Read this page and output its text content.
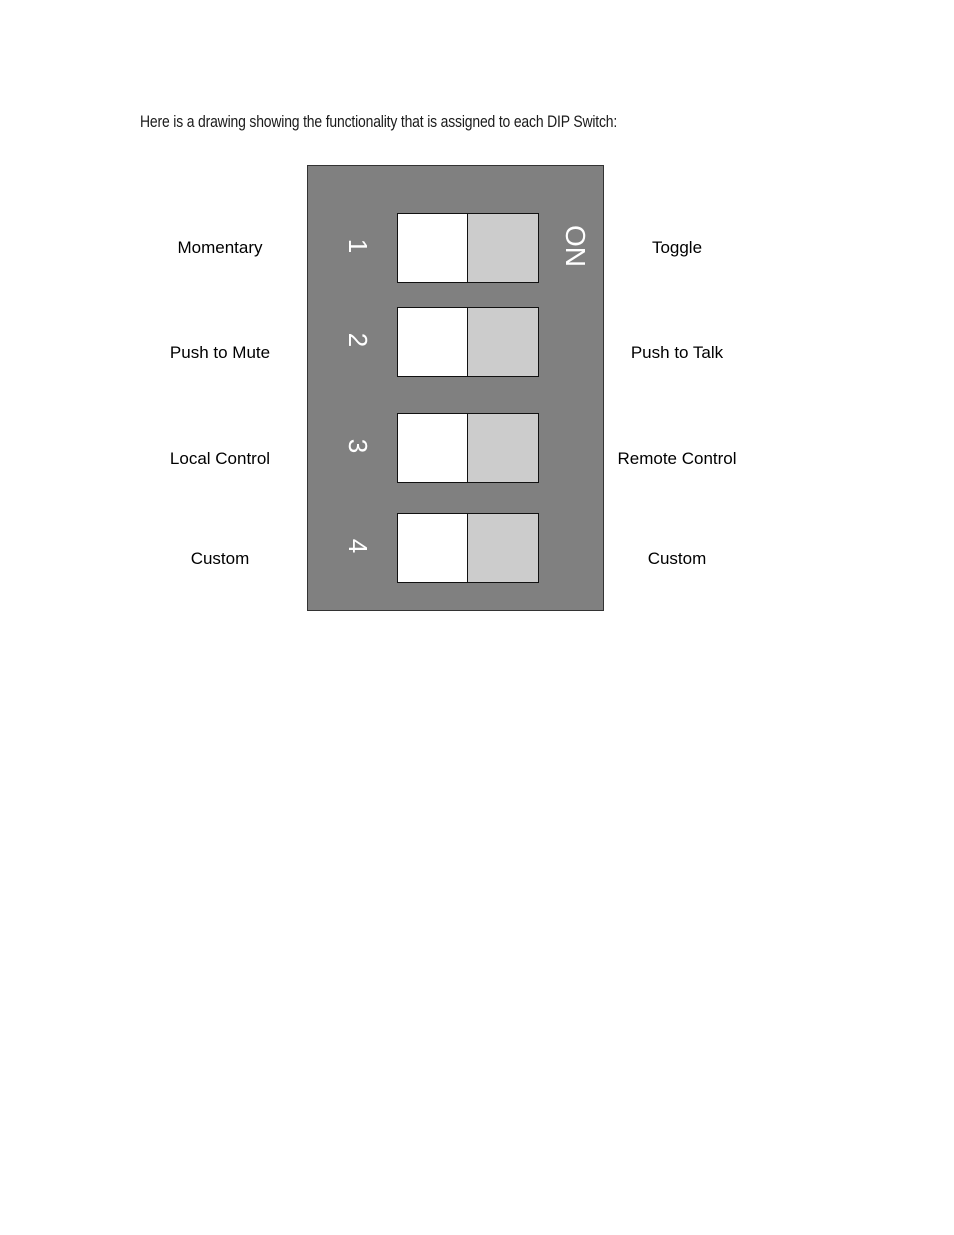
Here is a drawing showing the functionality that is assigned to each DIP Switch:
ON
Momentary	1	Toggle
Push to Mute
2
Push to Talk
Local Control
3
Remote Control
Custom
4
Custom
